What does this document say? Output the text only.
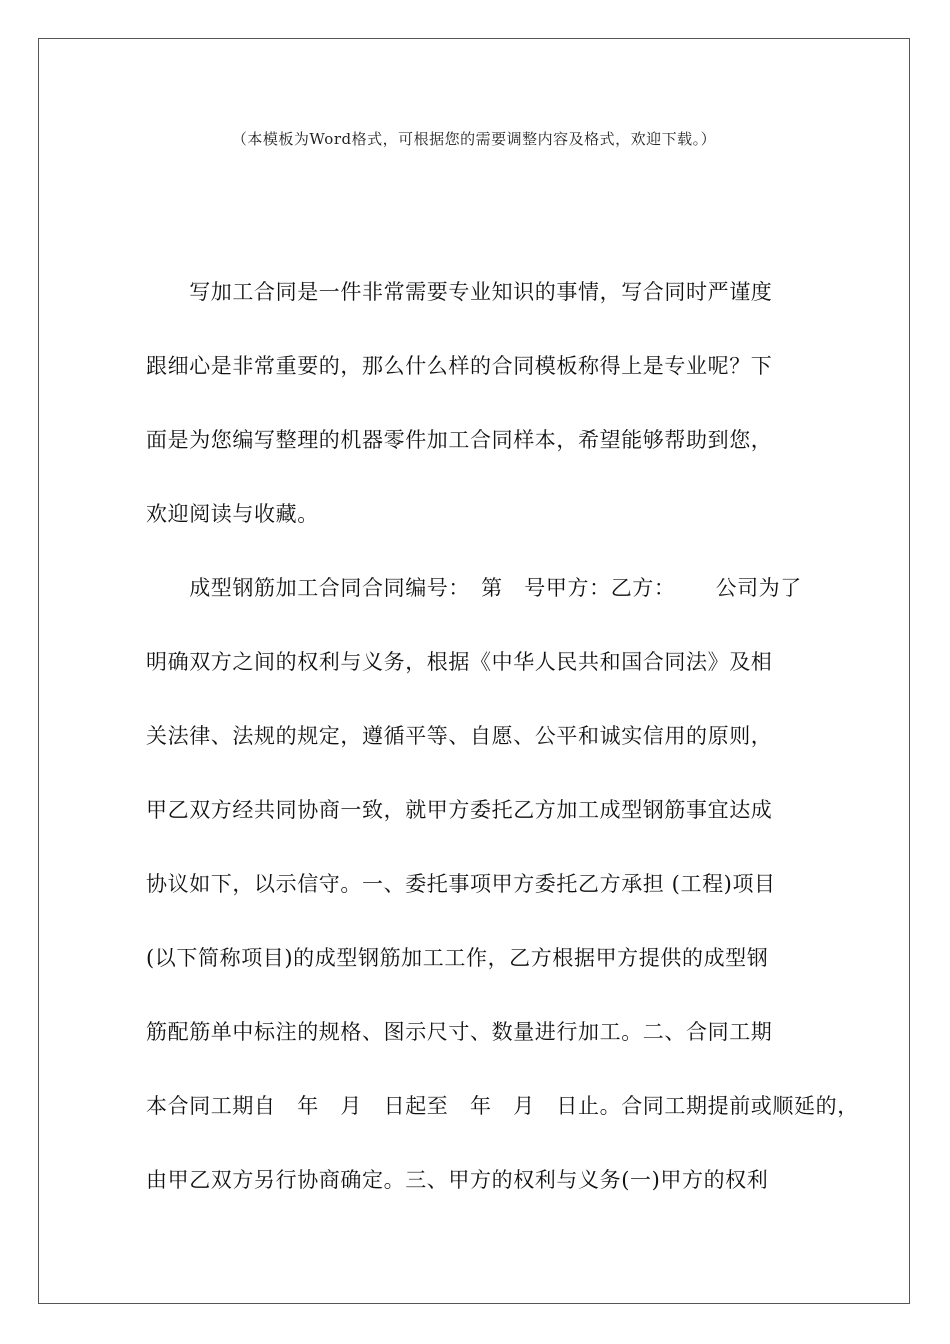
（本模板为Word格式，可根据您的需要调整内容及格式，欢迎下载。）
　　写加工合同是一件非常需要专业知识的事情，写合同时严谨度
跟细心是非常重要的，那么什么样的合同模板称得上是专业呢？下
面是为您编写整理的机器零件加工合同样本，希望能够帮助到您，
欢迎阅读与收藏。
　　成型钢筋加工合同合同编号：　第　号甲方：乙方：　　 公司为了
明确双方之间的权利与义务，根据《中华人民共和国合同法》及相
关法律、法规的规定，遵循平等、自愿、公平和诚实信用的原则，
甲乙双方经共同协商一致，就甲方委托乙方加工成型钢筋事宜达成
协议如下，以示信守。一、委托事项甲方委托乙方承担 (工程)项目
(以下简称项目)的成型钢筋加工工作，乙方根据甲方提供的成型钢
筋配筋单中标注的规格、图示尺寸、数量进行加工。二、合同工期
本合同工期自　年　月　日起至　年　月　日止。合同工期提前或顺延的，
由甲乙双方另行协商确定。三、甲方的权利与义务(一)甲方的权利
